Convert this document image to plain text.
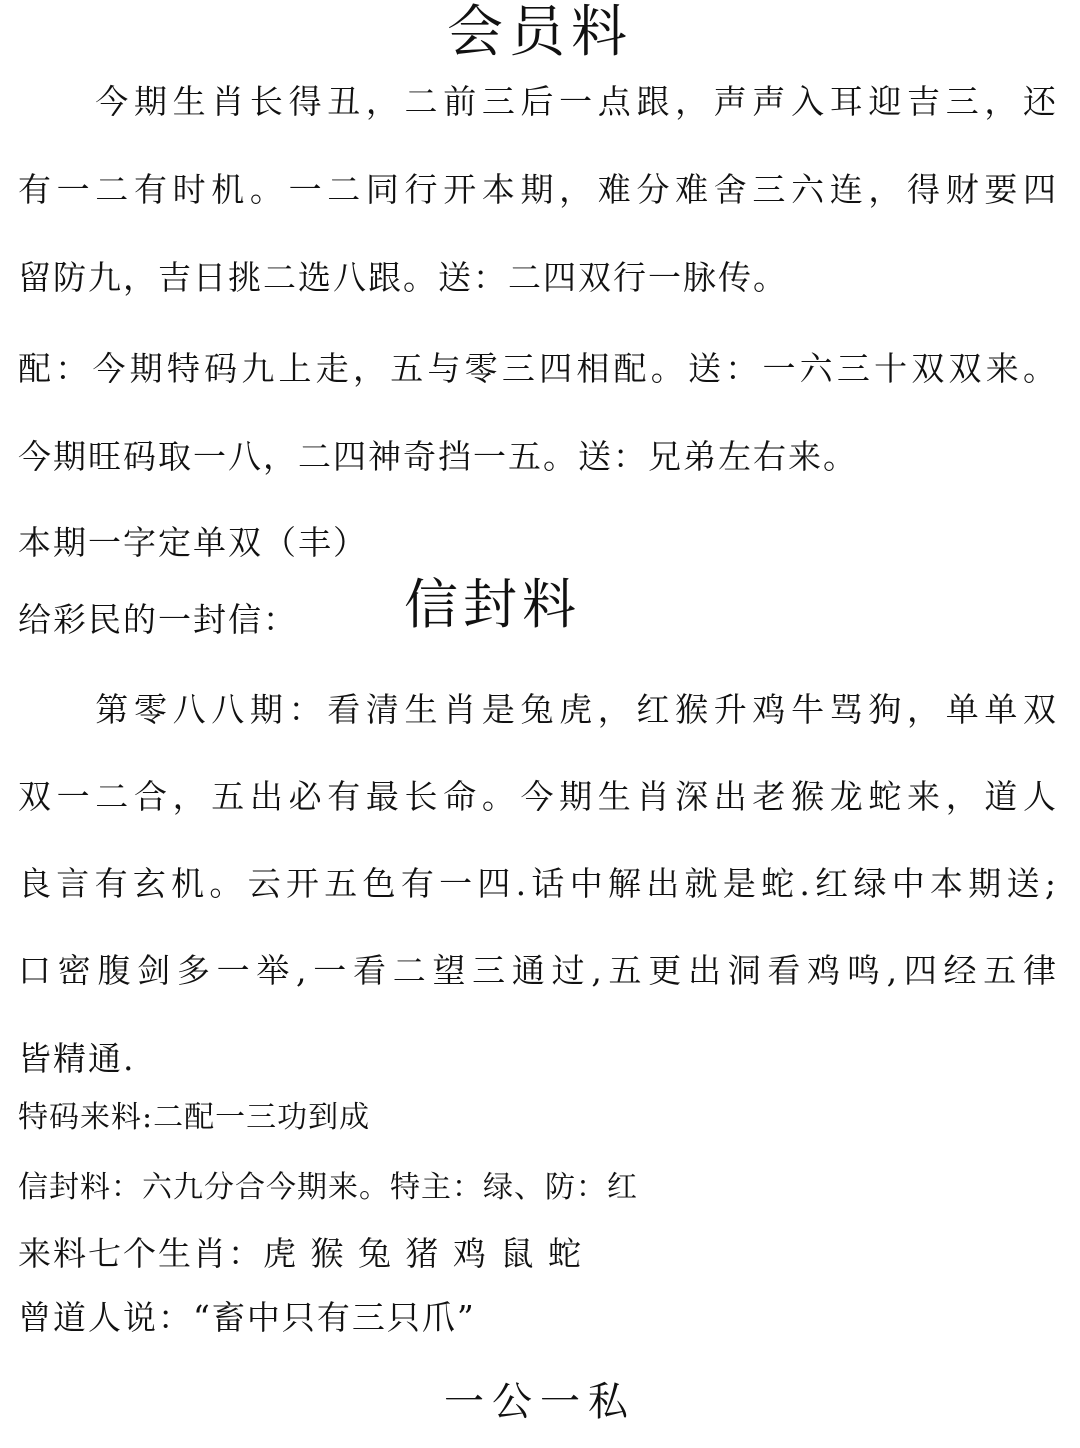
会员料
　　今期生肖长得丑，二前三后一点跟，声声入耳迎吉三，还
有一二有时机。一二同行开本期，难分难舍三六连，得财要四
留防九，吉日挑二选八跟。送：二四双行一脉传。
配：今期特码九上走，五与零三四相配。送：一六三十双双来。
今期旺码取一八，二四神奇挡一五。送：兄弟左右来。
本期一字定单双（丰）
给彩民的一封信：	信封料
　　第零八八期：看清生肖是兔虎，红猴升鸡牛骂狗，单单双
双一二合，五出必有最长命。今期生肖深出老猴龙蛇来，道人
良言有玄机。云开五色有一四.话中解出就是蛇.红绿中本期送;
口密腹剑多一举,一看二望三通过,五更出洞看鸡鸣,四经五律
皆精通.
特码来料:二配一三功到成
信封料：六九分合今期来。特主：绿、防：红
来料七个生肖：虎 猴 兔 猪 鸡 鼠 蛇
曾道人说：“畜中只有三只爪”
一公一私
